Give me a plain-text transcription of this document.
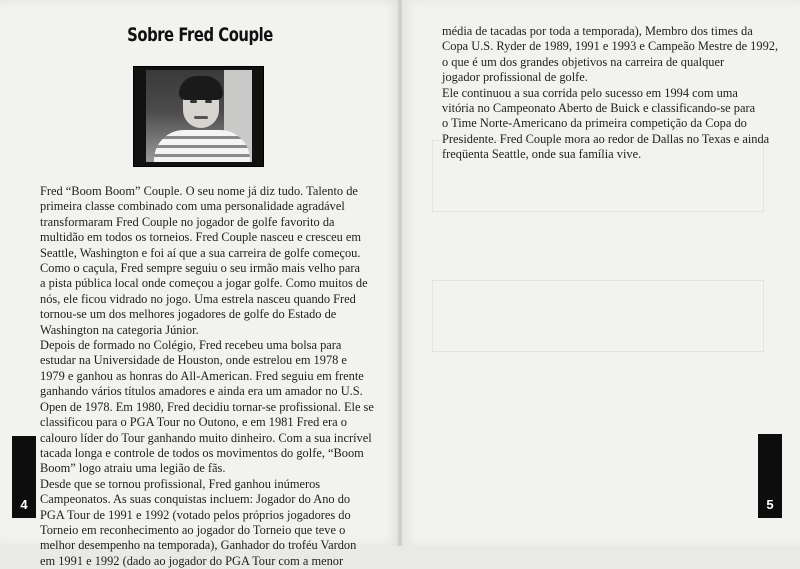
Sobre Fred Couple
Fred “Boom Boom” Couple. O seu nome já diz tudo. Talento de
primeira classe combinado com uma personalidade agradável
transformaram Fred Couple no jogador de golfe favorito da
multidão em todos os torneios. Fred Couple nasceu e cresceu em
Seattle, Washington e foi aí que a sua carreira de golfe começou.
Como o caçula, Fred sempre seguiu o seu irmão mais velho para
a pista pública local onde começou a jogar golfe. Como muitos de
nós, ele ficou vidrado no jogo. Uma estrela nasceu quando Fred
tornou-se um dos melhores jogadores de golfe do Estado de
Washington na categoria Júnior.
Depois de formado no Colégio, Fred recebeu uma bolsa para
estudar na Universidade de Houston, onde estrelou em 1978 e
1979 e ganhou as honras do All-American. Fred seguiu em frente
ganhando vários títulos amadores e ainda era um amador no U.S.
Open de 1978. Em 1980, Fred decidiu tornar-se profissional. Ele se
classificou para o PGA Tour no Outono, e em 1981 Fred era o
calouro líder do Tour ganhando muito dinheiro. Com a sua incrível
tacada longa e controle de todos os movimentos do golfe, “Boom
Boom” logo atraiu uma legião de fãs.
Desde que se tornou profissional, Fred ganhou inúmeros
Campeonatos. As suas conquistas incluem: Jogador do Ano do
PGA Tour de 1991 e 1992 (votado pelos próprios jogadores do
Torneio em reconhecimento ao jogador do Torneio que teve o
melhor desempenho na temporada), Ganhador do troféu Vardon
em 1991 e 1992 (dado ao jogador do PGA Tour com a menor
4
média de tacadas por toda a temporada), Membro dos times da
Copa U.S. Ryder de 1989, 1991 e 1993 e Campeão Mestre de 1992,
o que é um dos grandes objetivos na carreira de qualquer
jogador profissional de golfe.
Ele continuou a sua corrida pelo sucesso em 1994 com uma
vitória no Campeonato Aberto de Buick e classificando-se para
o Time Norte-Americano da primeira competição da Copa do
Presidente. Fred Couple mora ao redor de Dallas no Texas e ainda
freqüenta Seattle, onde sua família vive.
5
